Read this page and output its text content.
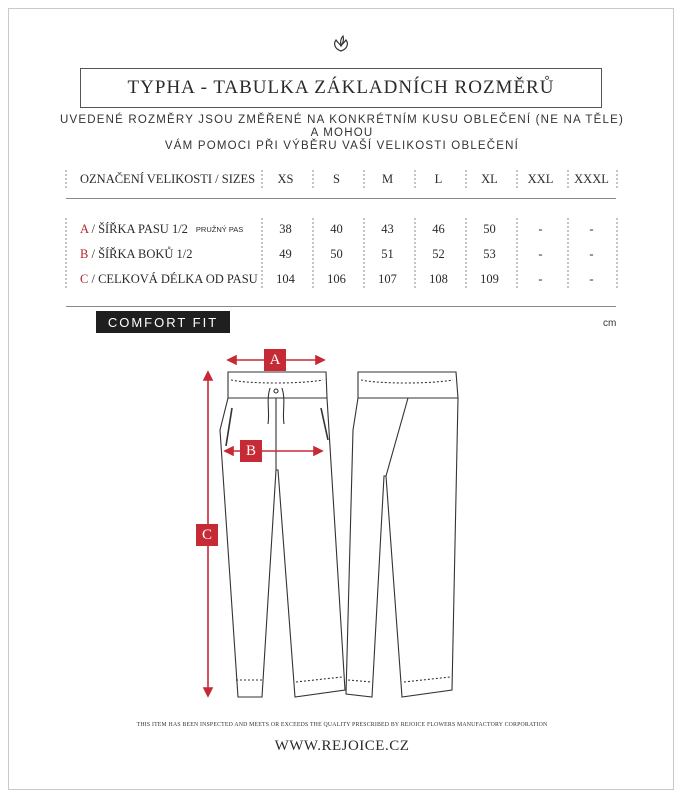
TYPHA - TABULKA ZÁKLADNÍCH ROZMĚRŮ
UVEDENÉ ROZMĚRY JSOU ZMĚŘENÉ NA KONKRÉTNÍM KUSU OBLEČENÍ (NE NA TĚLE) A MOHOU
VÁM POMOCI PŘI VÝBĚRU VAŠÍ VELIKOSTI OBLEČENÍ
OZNAČENÍ VELIKOSTI / SIZES	XS	S	M	L	XL	XXL	XXXL
A / ŠÍŘKA PASU 1/2 PRUŽNÝ PAS	38	40	43	46	50	-	-
B / ŠÍŘKA BOKŮ 1/2	49	50	51	52	53	-	-
C / CELKOVÁ DÉLKA OD PASU	104	106	107	108	109	-	-
COMFORT FIT	cm
A
B
C
THIS ITEM HAS BEEN INSPECTED AND MEETS OR EXCEEDS THE QUALITY PRESCRIBED BY REJOICE FLOWERS MANUFACTORY CORPORATION
WWW.REJOICE.CZ
